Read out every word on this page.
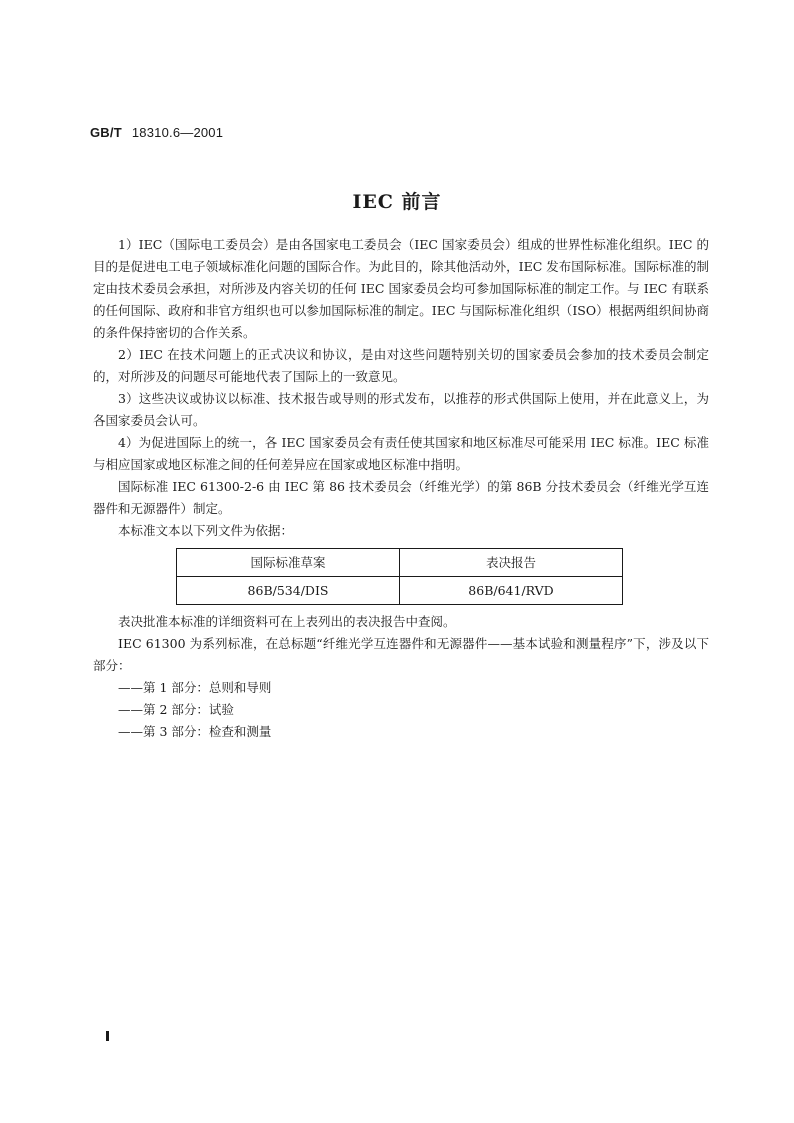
GB/T 18310.6—2001
IEC 前言

1）IEC（国际电工委员会）是由各国家电工委员会（IEC 国家委员会）组成的世界性标准化组织。IEC 的目的是促进电工电子领域标准化问题的国际合作。为此目的，除其他活动外，IEC 发布国际标准。国际标准的制定由技术委员会承担，对所涉及内容关切的任何 IEC 国家委员会均可参加国际标准的制定工作。与 IEC 有联系的任何国际、政府和非官方组织也可以参加国际标准的制定。IEC 与国际标准化组织（ISO）根据两组织间协商的条件保持密切的合作关系。

2）IEC 在技术问题上的正式决议和协议，是由对这些问题特别关切的国家委员会参加的技术委员会制定的，对所涉及的问题尽可能地代表了国际上的一致意见。

3）这些决议或协议以标准、技术报告或导则的形式发布，以推荐的形式供国际上使用，并在此意义上，为各国家委员会认可。

4）为促进国际上的统一，各 IEC 国家委员会有责任使其国家和地区标准尽可能采用 IEC 标准。IEC 标准与相应国家或地区标准之间的任何差异应在国家或地区标准中指明。

国际标准 IEC 61300-2-6 由 IEC 第 86 技术委员会（纤维光学）的第 86B 分技术委员会（纤维光学互连器件和无源器件）制定。

本标准文本以下列文件为依据：

国际标准草案	表决报告
86B/534/DIS	86B/641/RVD

表决批准本标准的详细资料可在上表列出的表决报告中查阅。

IEC 61300 为系列标准，在总标题“纤维光学互连器件和无源器件——基本试验和测量程序”下，涉及以下部分：

——第 1 部分：总则和导则

——第 2 部分：试验

——第 3 部分：检查和测量
